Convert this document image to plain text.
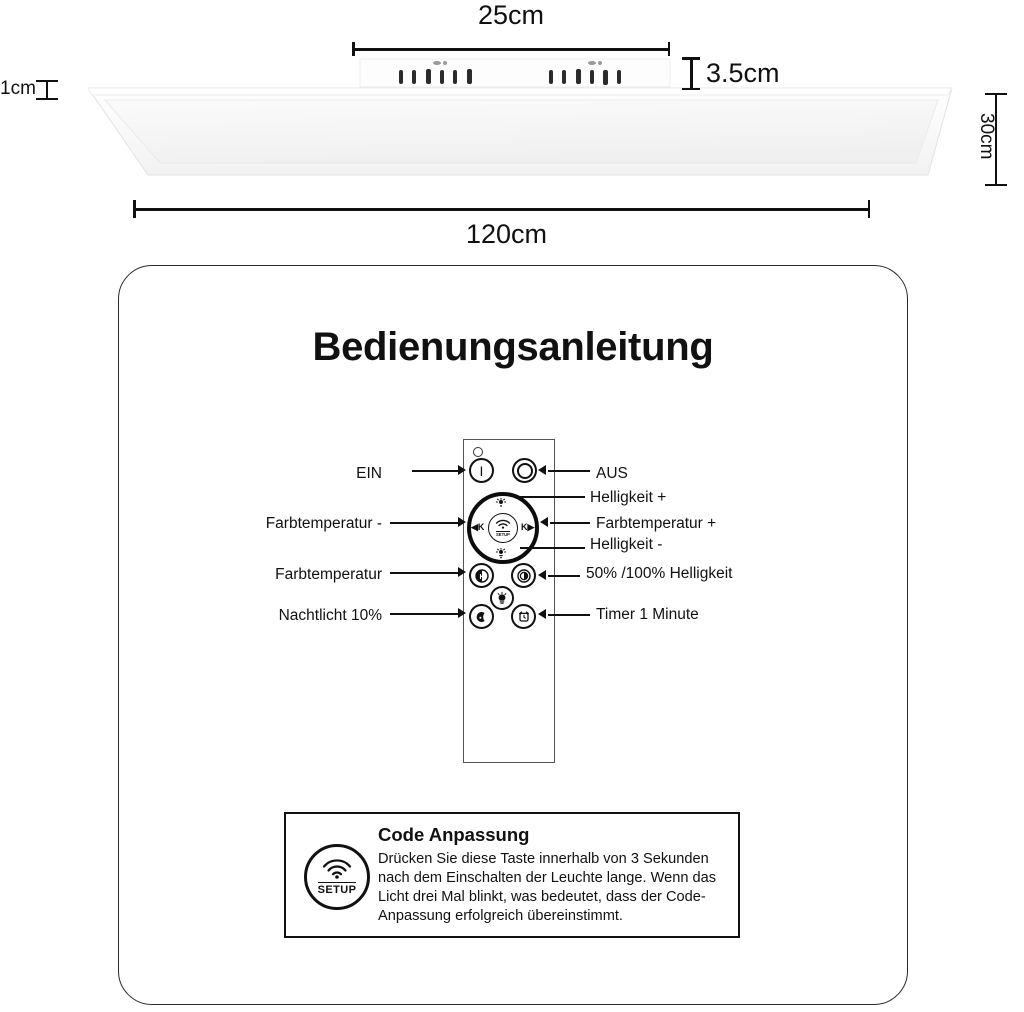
25cm
3.5cm
1cm
30cm
120cm
Bedienungsanleitung
I
◀K	K▶
SETUP
K
EIN
Farbtemperatur -
Farbtemperatur
Nachtlicht 10%
AUS
Helligkeit +
Farbtemperatur +
Helligkeit -
50% /100% Helligkeit
Timer 1 Minute
SETUP
Code Anpassung
Drücken Sie diese Taste innerhalb von 3 Sekunden nach dem Einschalten der Leuchte lange. Wenn das Licht drei Mal blinkt, was bedeutet, dass der Code-Anpassung erfolgreich übereinstimmt.
